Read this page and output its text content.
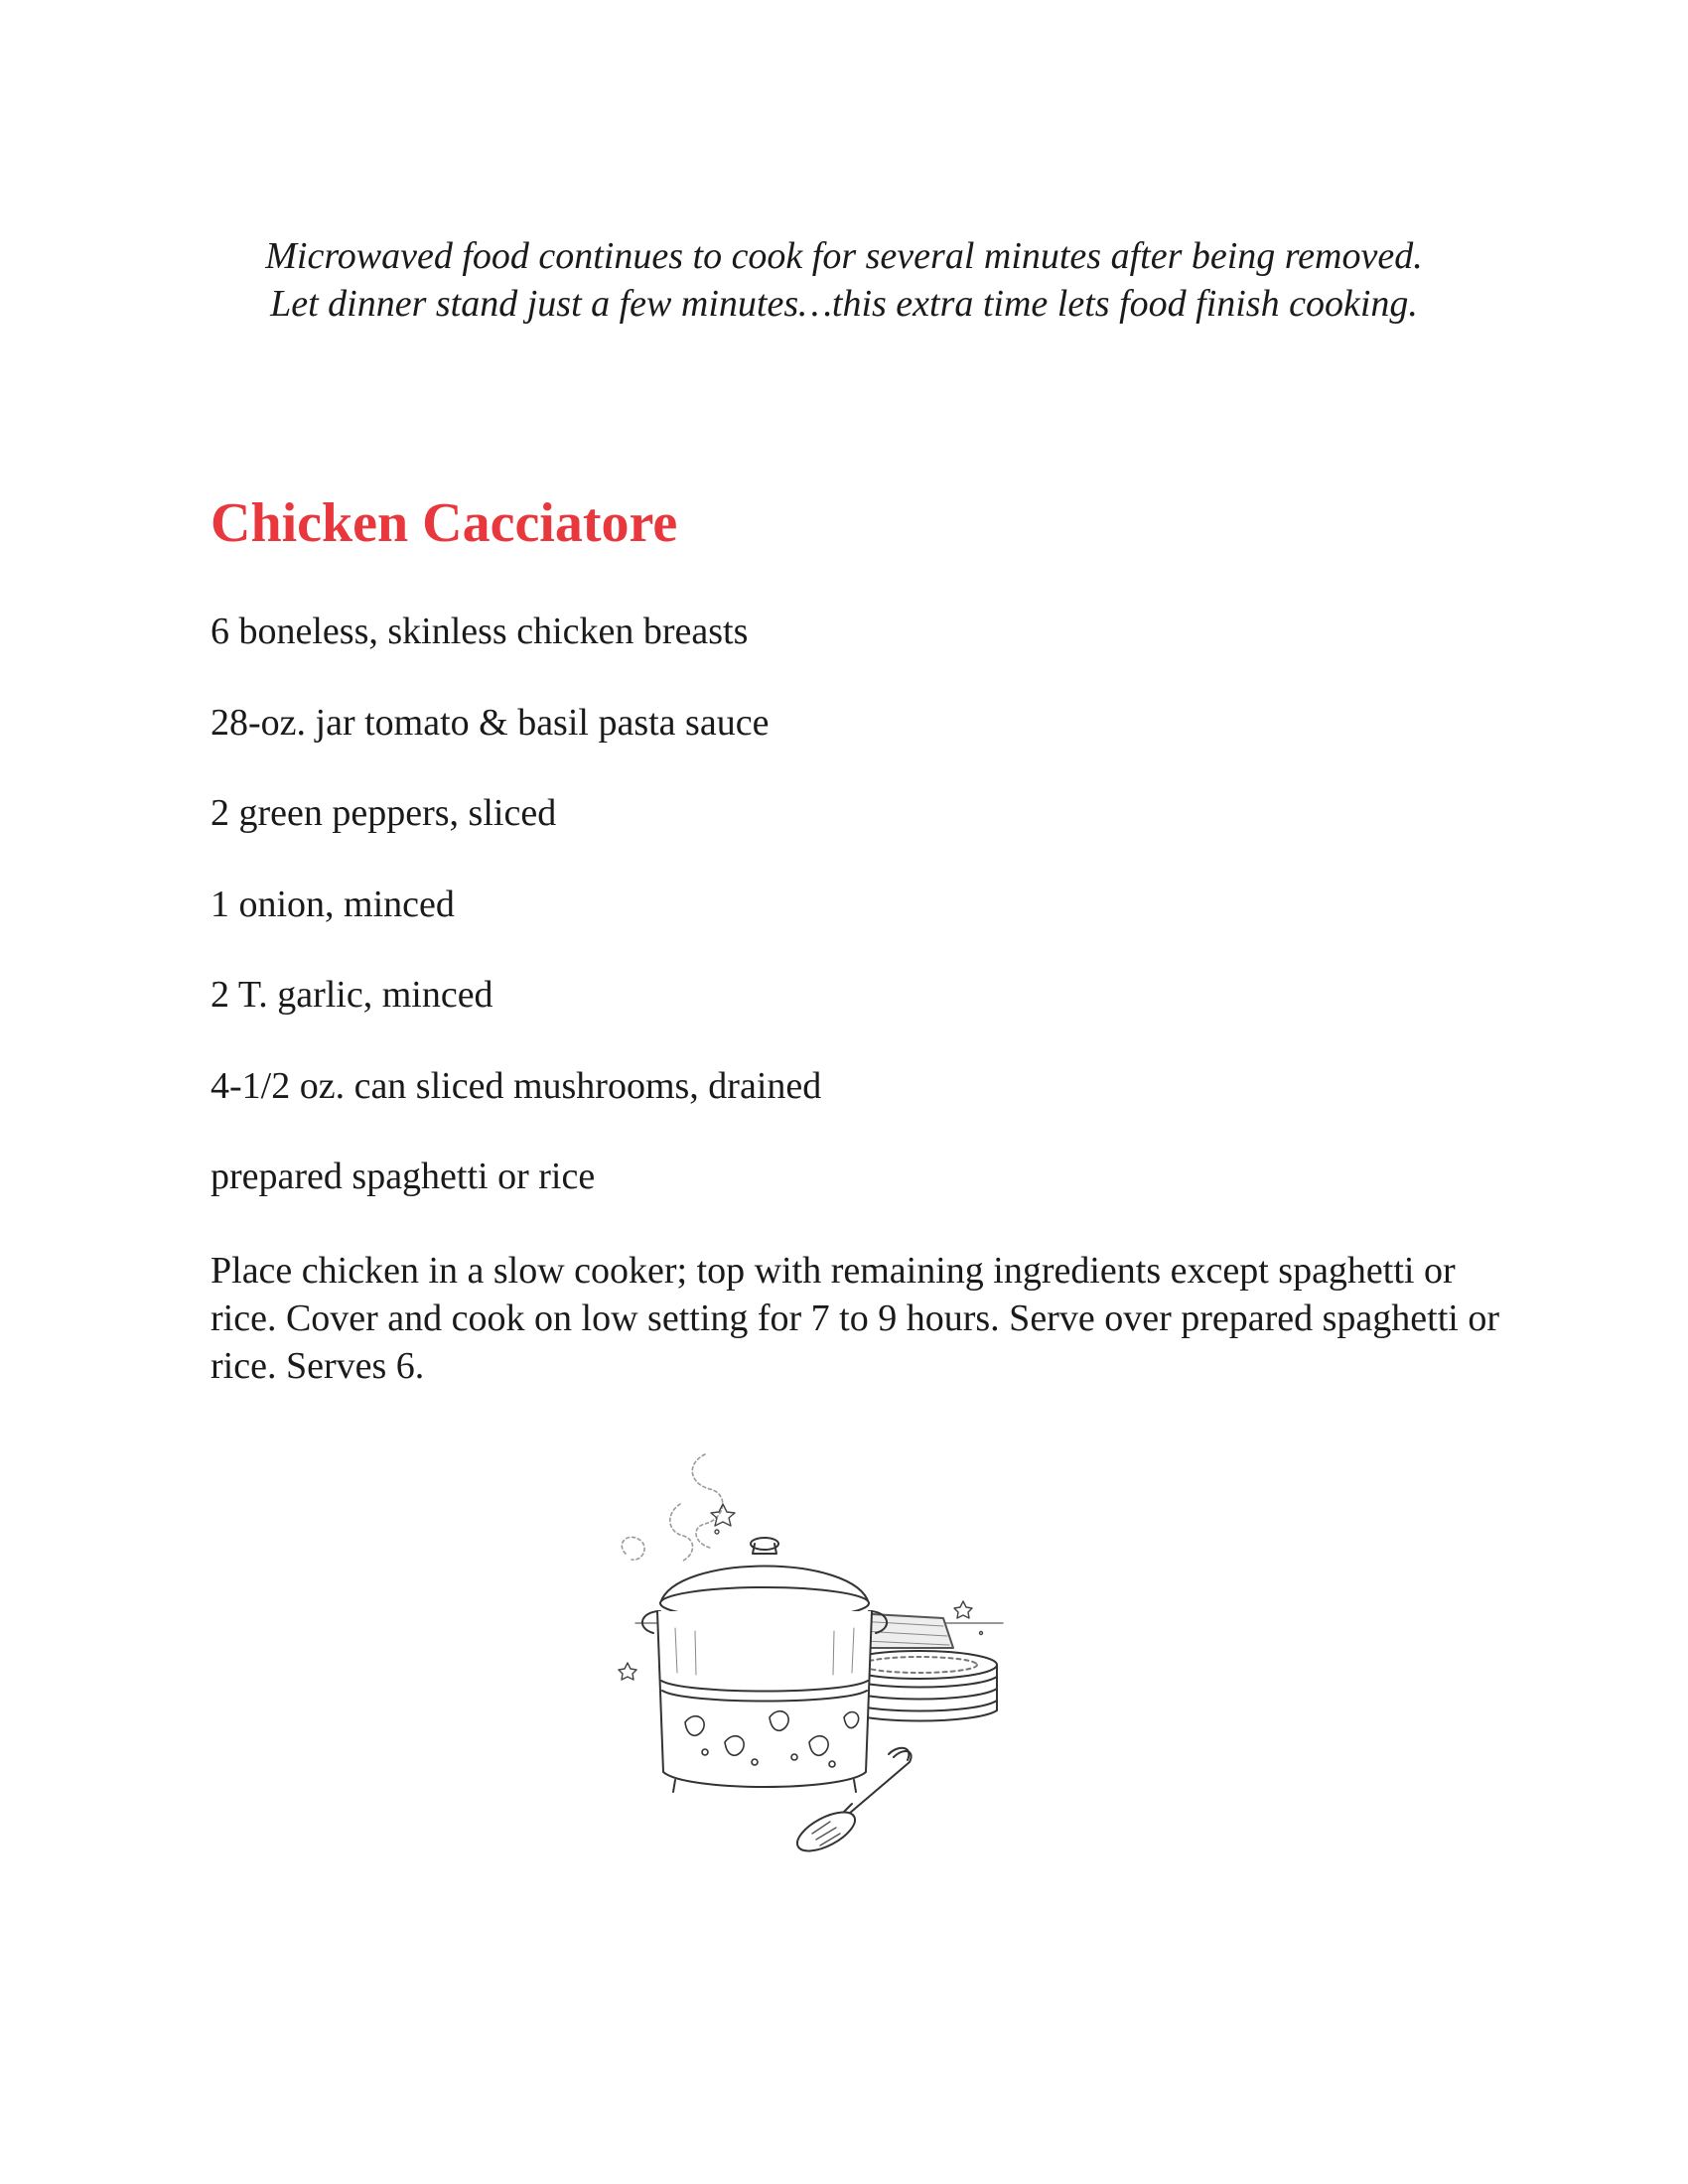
Microwaved food continues to cook for several minutes after being removed. Let dinner stand just a few minutes…this extra time lets food finish cooking.

Chicken Cacciatore
6 boneless, skinless chicken breasts
28-oz. jar tomato & basil pasta sauce
2 green peppers, sliced
1 onion, minced
2 T. garlic, minced
4-1/2 oz. can sliced mushrooms, drained
prepared spaghetti or rice

Place chicken in a slow cooker; top with remaining ingredients except spaghetti or rice. Cover and cook on low setting for 7 to 9 hours. Serve over prepared spaghetti or rice. Serves 6.
